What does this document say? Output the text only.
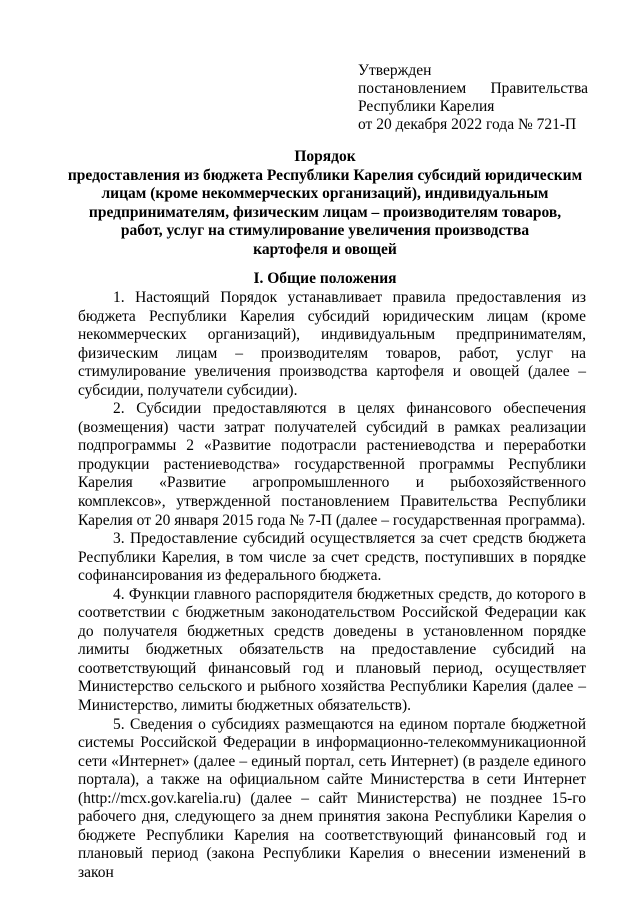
Утвержден
постановлением Правительства
Республики Карелия
от 20 декабря 2022 года № 721-П
Порядок
предоставления из бюджета Республики Карелия субсидий юридическим
лицам (кроме некоммерческих организаций), индивидуальным
предпринимателям, физическим лицам – производителям товаров,
работ, услуг на стимулирование увеличения производства
картофеля и овощей
I. Общие положения

1. Настоящий Порядок устанавливает правила предоставления из бюджета Республики Карелия субсидий юридическим лицам (кроме некоммерческих организаций), индивидуальным предпринимателям, физическим лицам – производителям товаров, работ, услуг на стимулирование увеличения производства картофеля и овощей (далее – субсидии, получатели субсидии).

2. Субсидии предоставляются в целях финансового обеспечения (возмещения) части затрат получателей субсидий в рамках реализации подпрограммы 2 «Развитие подотрасли растениеводства и переработки продукции растениеводства» государственной программы Республики Карелия «Развитие агропромышленного и рыбохозяйственного комплексов», утвержденной постановлением Правительства Республики Карелия от 20 января 2015 года № 7-П (далее – государственная программа).

3. Предоставление субсидий осуществляется за счет средств бюджета Республики Карелия, в том числе за счет средств, поступивших в порядке софинансирования из федерального бюджета.

4. Функции главного распорядителя бюджетных средств, до которого в соответствии с бюджетным законодательством Российской Федерации как до получателя бюджетных средств доведены в установленном порядке лимиты бюджетных обязательств на предоставление субсидий на соответствующий финансовый год и плановый период, осуществляет Министерство сельского и рыбного хозяйства Республики Карелия (далее – Министерство, лимиты бюджетных обязательств).

5. Сведения о субсидиях размещаются на едином портале бюджетной системы Российской Федерации в информационно-телекоммуникационной сети «Интернет» (далее – единый портал, сеть Интернет) (в разделе единого портала), а также на официальном сайте Министерства в сети Интернет (http://mcx.gov.karelia.ru) (далее – сайт Министерства) не позднее 15-го рабочего дня, следующего за днем принятия закона Республики Карелия о бюджете Республики Карелия на соответствующий финансовый год и плановый период (закона Республики Карелия о внесении изменений в закон
